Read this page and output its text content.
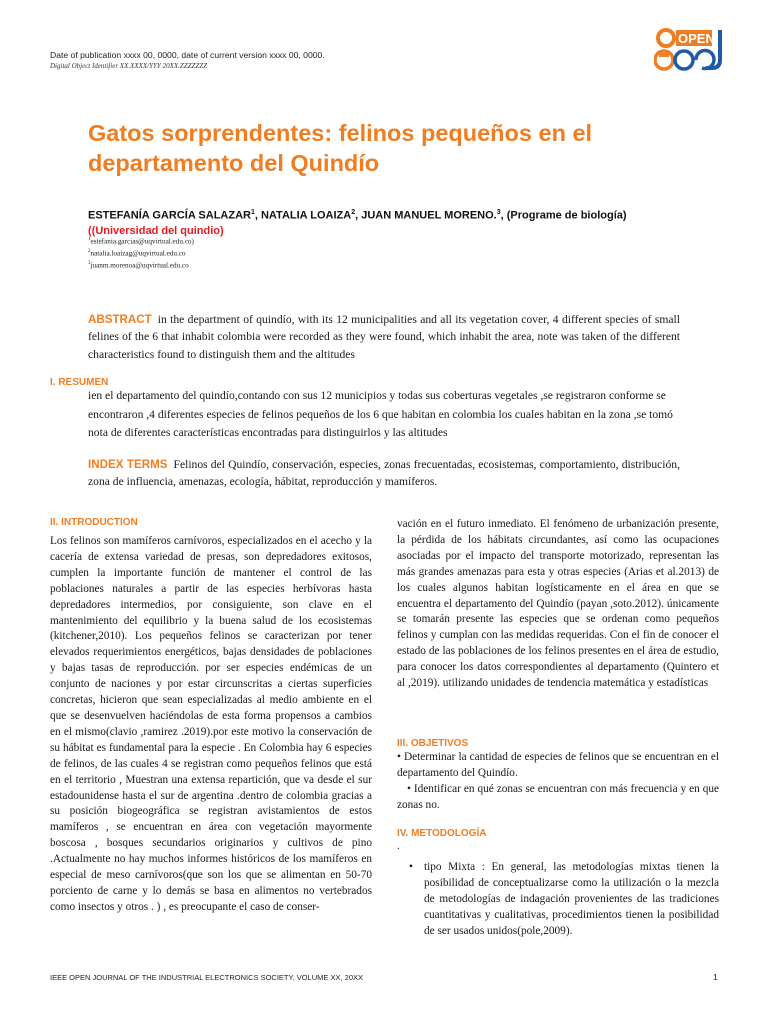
Date of publication xxxx 00, 0000, date of current version xxxx 00, 0000.
Digital Object Identifier XX.XXXX/YYY 20XX.ZZZZZZZ
OPEN
Gatos sorprendentes: felinos pequeños en el departamento del Quindío
ESTEFANÍA GARCÍA SALAZAR$^1$, NATALIA LOAIZA$^2$, JUAN MANUEL MORENO.$^3$, (Programe de biología) ((Universidad del quindio)
$^1$estefania.garcias@uqvirtual.edu.co)
$^2$natalia.loaizag@uqvirtual.edu.co
$^3$juanm.morenoa@uqvirtual.edu.co
ABSTRACT in the department of quindío, with its 12 municipalities and all its vegetation cover, 4 different species of small felines of the 6 that inhabit colombia were recorded as they were found, which inhabit the area, note was taken of the different characteristics found to distinguish them and the altitudes
I. RESUMEN
ien el departamento del quindío,contando con sus 12 municipios y todas sus coberturas vegetales ,se registraron conforme se encontraron ,4 diferentes especies de felinos pequeños de los 6 que habitan en colombia los cuales habitan en la zona ,se tomó nota de diferentes características encontradas para distinguirlos y las altitudes
INDEX TERMS Felinos del Quindío, conservación, especies, zonas frecuentadas, ecosistemas, comportamiento, distribución, zona de influencia, amenazas, ecología, hábitat, reproducción y mamíferos.
II. INTRODUCTION
Los felinos son mamíferos carnívoros, especializados en el acecho y la cacería de extensa variedad de presas, son depredadores exitosos, cumplen la importante función de mantener el control de las poblaciones naturales a partir de las especies herbívoras hasta depredadores intermedios, por consiguiente, son clave en el mantenimiento del equilibrio y la buena salud de los ecosistemas (kitchener,2010). Los pequeños felinos se caracterizan por tener elevados requerimientos energéticos, bajas densidades de poblaciones y bajas tasas de reproducción. por ser especies endémicas de un conjunto de naciones y por estar circunscritas a ciertas superficies concretas, hicieron que sean especializadas al medio ambiente en el que se desenvuelven haciéndolas de esta forma propensos a cambios en el mismo(clavio ,ramirez .2019).por este motivo la conservación de su hábitat es fundamental para la especie . En Colombia hay 6 especies de felinos, de las cuales 4 se registran como pequeños felinos que está en el territorio , Muestran una extensa repartición, que va desde el sur estadounidense hasta el sur de argentina .dentro de colombia gracias a su posición biogeográfica se registran avistamientos de estos mamíferos , se encuentran en área con vegetación mayormente boscosa , bosques secundarios originarios y cultivos de pino .Actualmente no hay muchos informes históricos de los mamíferos en especial de meso carnívoros(que son los que se alimentan en 50-70 porciento de carne y lo demás se basa en alimentos no vertebrados como insectos y otros . ) , es preocupante el caso de conser-
vación en el futuro inmediato. El fenómeno de urbanización presente, la pérdida de los hábitats circundantes, así como las ocupaciones asociadas por el impacto del transporte motorizado, representan las más grandes amenazas para esta y otras especies (Arias et al.2013) de los cuales algunos habitan logísticamente en el área en que se encuentra el departamento del Quindío (payan ,soto.2012). únicamente se tomarán presente las especies que se ordenan como pequeños felinos y cumplan con las medidas requeridas. Con el fin de conocer el estado de las poblaciones de los felinos presentes en el área de estudio, para conocer los datos correspondientes al departamento (Quintero et al ,2019). utilizando unidades de tendencia matemática y estadísticas
III. OBJETIVOS
• Determinar la cantidad de especies de felinos que se encuentran en el departamento del Quindío.
• Identificar en qué zonas se encuentran con más frecuencia y en que zonas no.
IV. METODOLOGÍA
.
• tipo Mixta : En general, las metodologías mixtas tienen la posibilidad de conceptualizarse como la utilización o la mezcla de metodologías de indagación provenientes de las tradiciones cuantitativas y cualitativas, procedimientos tienen la posibilidad de ser usados unidos(pole,2009).
IEEE OPEN JOURNAL OF THE INDUSTRIAL ELECTRONICS SOCIETY. VOLUME XX, 20XX	1
